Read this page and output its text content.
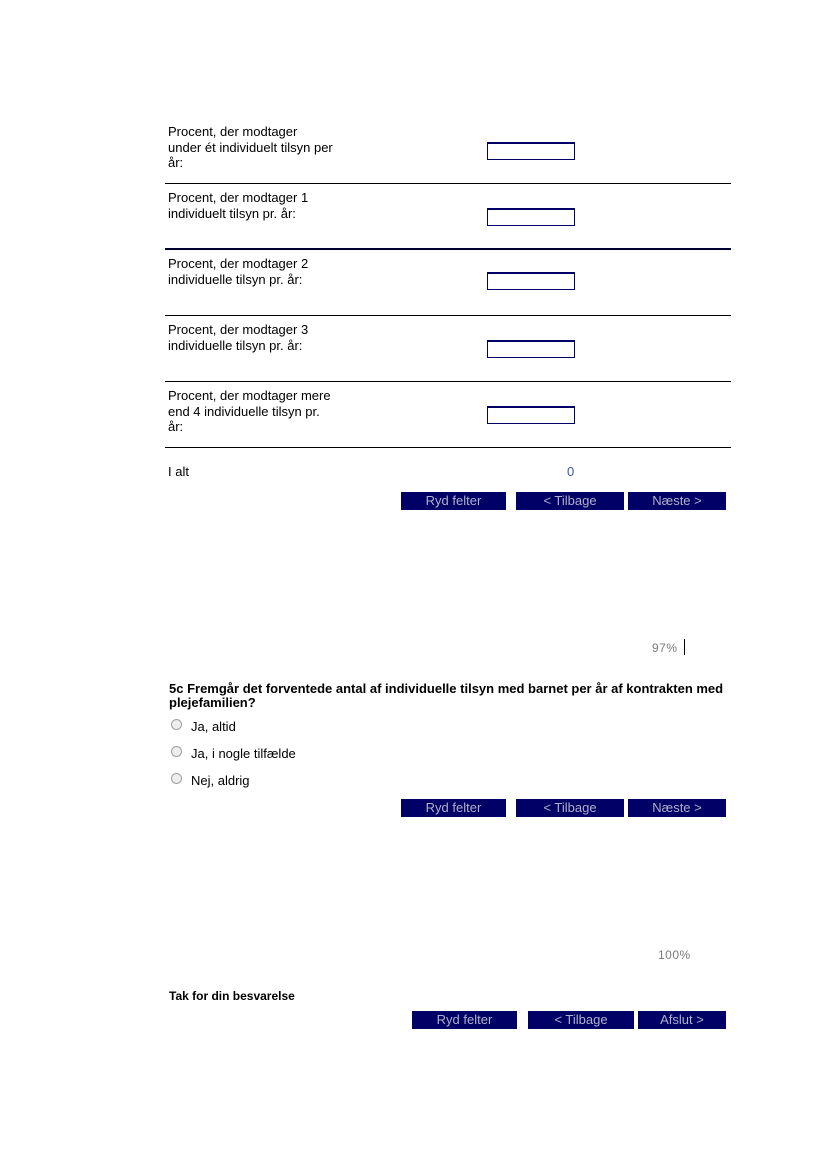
Procent, der modtager under ét individuelt tilsyn per år:
Procent, der modtager 1 individuelt tilsyn pr. år:
Procent, der modtager 2 individuelle tilsyn pr. år:
Procent, der modtager 3 individuelle tilsyn pr. år:
Procent, der modtager mere end 4 individuelle tilsyn pr. år:
I alt	0
Ryd felter	< Tilbage	Næste >
97%
5c Fremgår det forventede antal af individuelle tilsyn med barnet per år af kontrakten med plejefamilien?
Ja, altid
Ja, i nogle tilfælde
Nej, aldrig
Ryd felter	< Tilbage	Næste >
100%
Tak for din besvarelse
Ryd felter	< Tilbage	Afslut >
